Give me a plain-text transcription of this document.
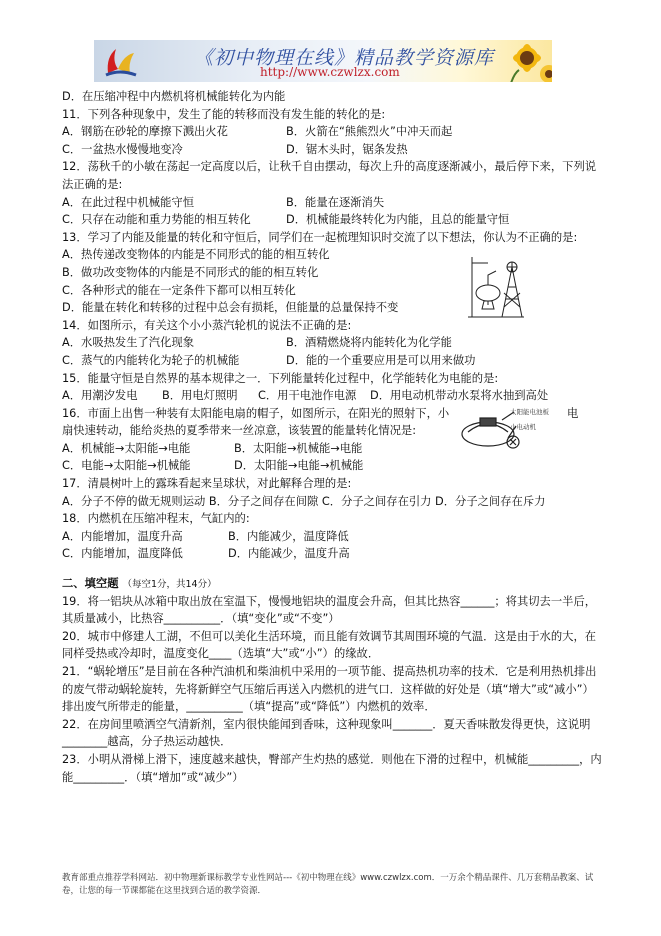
《初中物理在线》精品教学资源库
http://www.czwlzx.com
D．在压缩冲程中内燃机将机械能转化为内能
11．下列各种现象中，发生了能的转移而没有发生能的转化的是:
A．钢筋在砂轮的摩擦下溅出火花	B．火箭在“熊熊烈火”中冲天而起
C．一盆热水慢慢地变冷	D．锯木头时，锯条发热
12．荡秋千的小敏在荡起一定高度以后，让秋千自由摆动，每次上升的高度逐渐减小，最后停下来，下列说法正确的是:
A．在此过程中机械能守恒	B．能量在逐渐消失
C．只存在动能和重力势能的相互转化	D．机械能最终转化为内能，且总的能量守恒
13．学习了内能及能量的转化和守恒后，同学们在一起梳理知识时交流了以下想法，你认为不正确的是:
A．热传递改变物体的内能是不同形式的能的相互转化
B．做功改变物体的内能是不同形式的能的相互转化
C．各种形式的能在一定条件下都可以相互转化
D．能量在转化和转移的过程中总会有损耗，但能量的总量保持不变
14．如图所示，有关这个小小蒸汽轮机的说法不正确的是:
A．水吸热发生了汽化现象	B．酒精燃烧将内能转化为化学能
C．蒸气的内能转化为轮子的机械能	D．能的一个重要应用是可以用来做功
15．能量守恒是自然界的基本规律之一．下列能量转化过程中，化学能转化为电能的是:
A．用潮汐发电	B．用电灯照明	C．用干电池作电源	D．用电动机带动水泵将水抽到高处
16．市面上出售一种装有太阳能电扇的帽子，如图所示，在阳光的照射下，小	电
扇快速转动，能给炎热的夏季带来一丝凉意，该装置的能量转化情况是:
A．机械能→太阳能→电能	B．太阳能→机械能→电能
C．电能→太阳能→机械能	D．太阳能→电能→机械能
17．清晨树叶上的露珠看起来呈球状，对此解释合理的是:
A．分子不停的做无规则运动 B．分子之间存在间隙 C．分子之间存在引力 D．分子之间存在斥力
18．内燃机在压缩冲程末，气缸内的:
A．内能增加，温度升高	B．内能减少，温度降低
C．内能增加，温度降低	D．内能减少，温度升高
二、填空题 （每空1分，共14分）
19．将一铝块从冰箱中取出放在室温下，慢慢地铝块的温度会升高，但其比热容______；将其切去一半后，其质量减小，比热容__________．（填“变化”或“不变”）
20．城市中修建人工湖，不但可以美化生活环境，而且能有效调节其周围环境的气温．这是由于水的大，在同样受热或冷却时，温度变化____（选填“大”或“小”）的缘故．
21．“蜗轮增压”是目前在各种汽油机和柴油机中采用的一项节能、提高热机功率的技术．它是利用热机排出的废气带动蜗轮旋转，先将新鲜空气压缩后再送入内燃机的进气口．这样做的好处是（填“增大”或“减小”）排出废气所带走的能量，__________（填“提高”或“降低”）内燃机的效率．
22．在房间里喷洒空气清新剂，室内很快能闻到香味，这种现象叫_______．夏天香味散发得更快，这说明________越高，分子热运动越快．
23．小明从滑梯上滑下，速度越来越快，臀部产生灼热的感觉．则他在下滑的过程中，机械能_________，内能_________．（填“增加”或“减少”）
太阳能电池板
小电动机
教育部重点推荐学科网站．初中物理新课标教学专业性网站---《初中物理在线》www.czwlzx.com．一万余个精品课件、几万套精品教案、试卷，让您的每一节课都能在这里找到合适的教学资源．
